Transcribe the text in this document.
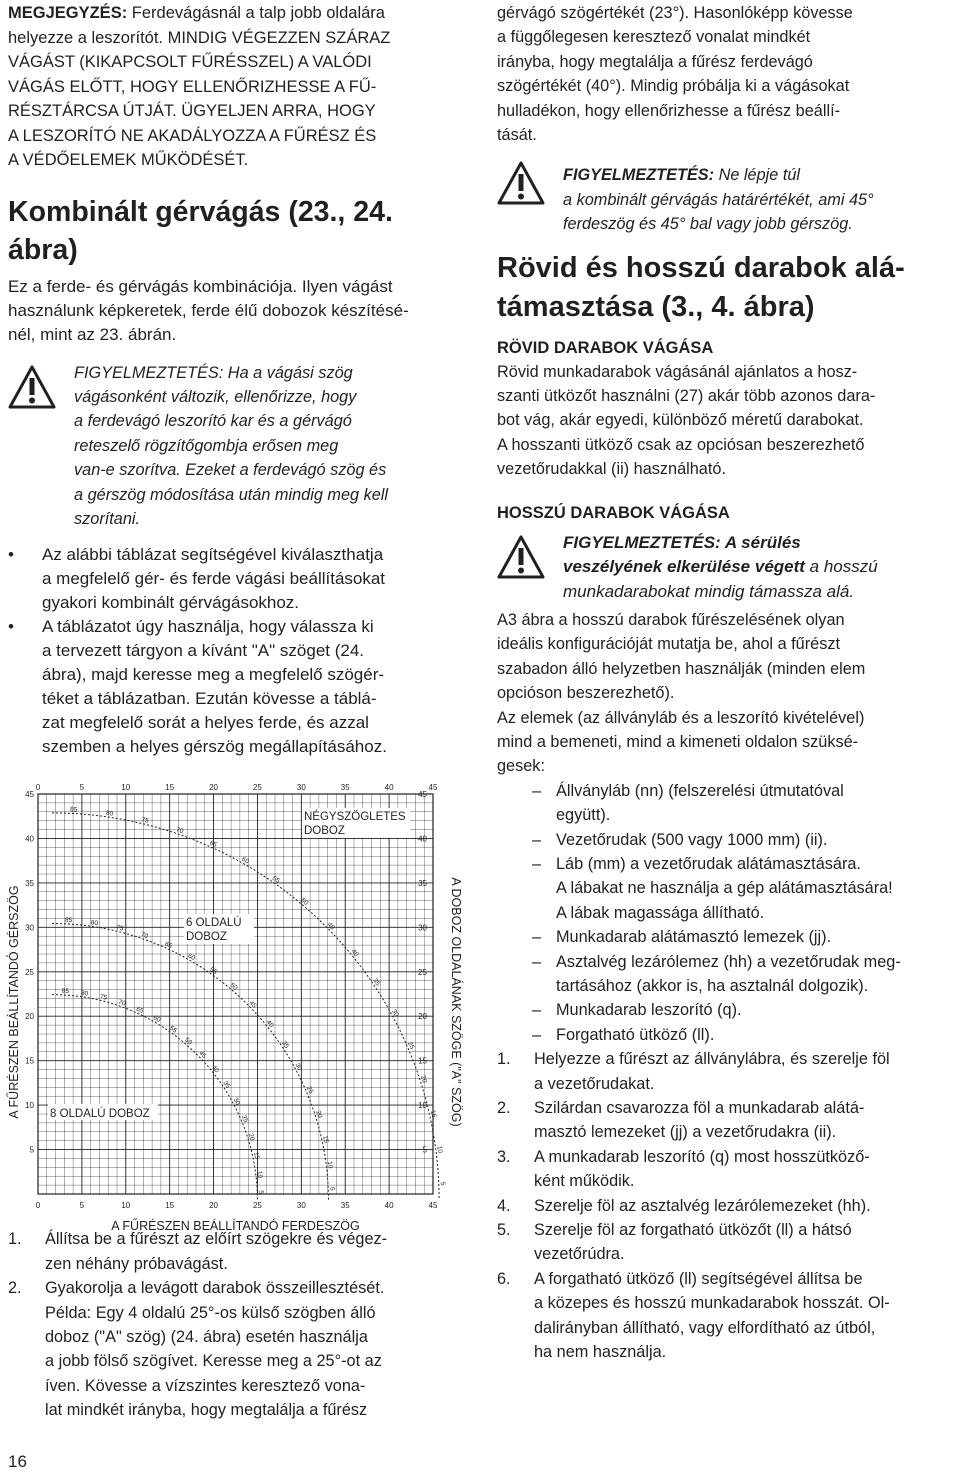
MEGJEGYZÉS: Ferdevágásnál a talp jobb oldalára

helyezze a leszorítót. MINDIG VÉGEZZEN SZÁRAZ

VÁGÁST (KIKAPCSOLT FŰRÉSSZEL) A VALÓDI

VÁGÁS ELŐTT, HOGY ELLENŐRIZHESSE A FŰ-

RÉSZTÁRCSA ÚTJÁT. ÜGYELJEN ARRA, HOGY

A LESZORÍTÓ NE AKADÁLYOZZA A FŰRÉSZ ÉS

A VÉDŐELEMEK MŰKÖDÉSÉT.

Kombinált gérvágás (23., 24.
ábra)

Ez a ferde- és gérvágás kombinációja. Ilyen vágást

használunk képkeretek, ferde élű dobozok készítésé-

nél, mint az 23. ábrán.

FIGYELMEZTETÉS: Ha a vágási szög

vágásonként változik, ellenőrizze, hogy

a ferdevágó leszorító kar és a gérvágó

reteszelő rögzítőgombja erősen meg

van-e szorítva. Ezeket a ferdevágó szög és

a gérszög módosítása után mindig meg kell

szorítani.

• Az alábbi táblázat segítségével kiválaszthatja
a megfelelő gér- és ferde vágási beállításokat
gyakori kombinált gérvágásokhoz.
• A táblázatot úgy használja, hogy válassza ki
a tervezett tárgyon a kívánt "A" szöget (24.
ábra), majd keresse meg a megfelelő szögér-
téket a táblázatban. Ezután kövesse a táblá-
zat megfelelő sorát a helyes ferde, és azzal
szemben a helyes gérszög megállapításához.
1. Állítsa be a fűrészt az előírt szögekre és végez-
zen néhány próbavágást.
2. Gyakorolja a levágott darabok összeillesztését.
Példa: Egy 4 oldalú 25°-os külső szögben álló
doboz ("A" szög) (24. ábra) esetén használja
a jobb fölső szögívet. Keresse meg a 25°-ot az
íven. Kövesse a vízszintes keresztező vona-
lat mindkét irányba, hogy megtalálja a fűrész
0
0
5
5
10
10
15
15
20
20
25
25
30
30
35
35
40
40
45
45
5	5
10	10
15	15
20	20
25	25
30	30
35	35
40	40
45	45
A FŰRÉSZEN BEÁLLÍTANDÓ FERDESZÖG
A FŰRÉSZEN BEÁLLÍTANDÓ GÉRSZÖG	A DOBOZ OLDALÁNAK SZÖGE ("A" SZÖG)
85	80
75
70
65
60
55
50
45
40
35
30
25
20
15
10
5
85	80
75
70
65
60
55
50
45
40
35
30
25
20
15
10
5
85 80 75
70
65
60
55
50
45
40
35
30
25
20
15
10
5
NÉGYSZÖGLETES
DOBOZ
6 OLDALÚ
DOBOZ
8 OLDALÚ DOBOZ
16

gérvágó szögértékét (23°). Hasonlóképp kövesse

a függőlegesen keresztező vonalat mindkét

irányba, hogy megtalálja a fűrész ferdevágó

szögértékét (40°). Mindig próbálja ki a vágásokat

hulladékon, hogy ellenőrizhesse a fűrész beállí-

tását.

FIGYELMEZTETÉS: Ne lépje túl

a kombinált gérvágás határértékét, ami 45°

ferdeszög és 45° bal vagy jobb gérszög.

Rövid és hosszú darabok alá-
támasztása (3., 4. ábra)
RÖVID DARABOK VÁGÁSA

Rövid munkadarabok vágásánál ajánlatos a hosz-

szanti ütközőt használni (27) akár több azonos dara-

bot vág, akár egyedi, különböző méretű darabokat.

A hosszanti ütköző csak az opciósan beszerezhető

vezetőrudakkal (ii) használható.

HOSSZÚ DARABOK VÁGÁSA

FIGYELMEZTETÉS: A sérülés

veszélyének elkerülése végett a hosszú

munkadarabokat mindig támassza alá.

A3 ábra a hosszú darabok fűrészelésének olyan

ideális konfigurációját mutatja be, ahol a fűrészt

szabadon álló helyzetben használják (minden elem

opcióson beszerezhető).

Az elemek (az állványláb és a leszorító kivételével)

mind a bemeneti, mind a kimeneti oldalon szüksé-

gesek:

– Állványláb (nn) (felszerelési útmutatóval
együtt).
– Vezetőrudak (500 vagy 1000 mm) (ii).
– Láb (mm) a vezetőrudak alátámasztására.
A lábakat ne használja a gép alátámasztására!
A lábak magassága állítható.
– Munkadarab alátámasztó lemezek (jj).
– Asztalvég lezárólemez (hh) a vezetőrudak meg-
tartásához (akkor is, ha asztalnál dolgozik).
– Munkadarab leszorító (q).
– Forgatható ütköző (ll).
1. Helyezze a fűrészt az állványlábra, és szerelje föl
a vezetőrudakat.
2. Szilárdan csavarozza föl a munkadarab alátá-
masztó lemezeket (jj) a vezetőrudakra (ii).
3. A munkadarab leszorító (q) most hosszütköző-
ként működik.
4. Szerelje föl az asztalvég lezárólemezeket (hh).
5. Szerelje föl az forgatható ütközőt (ll) a hátsó
vezetőrúdra.
6. A forgatható ütköző (ll) segítségével állítsa be
a közepes és hosszú munkadarabok hosszát. Ol-
dalirányban állítható, vagy elfordítható az útból,
ha nem használja.
